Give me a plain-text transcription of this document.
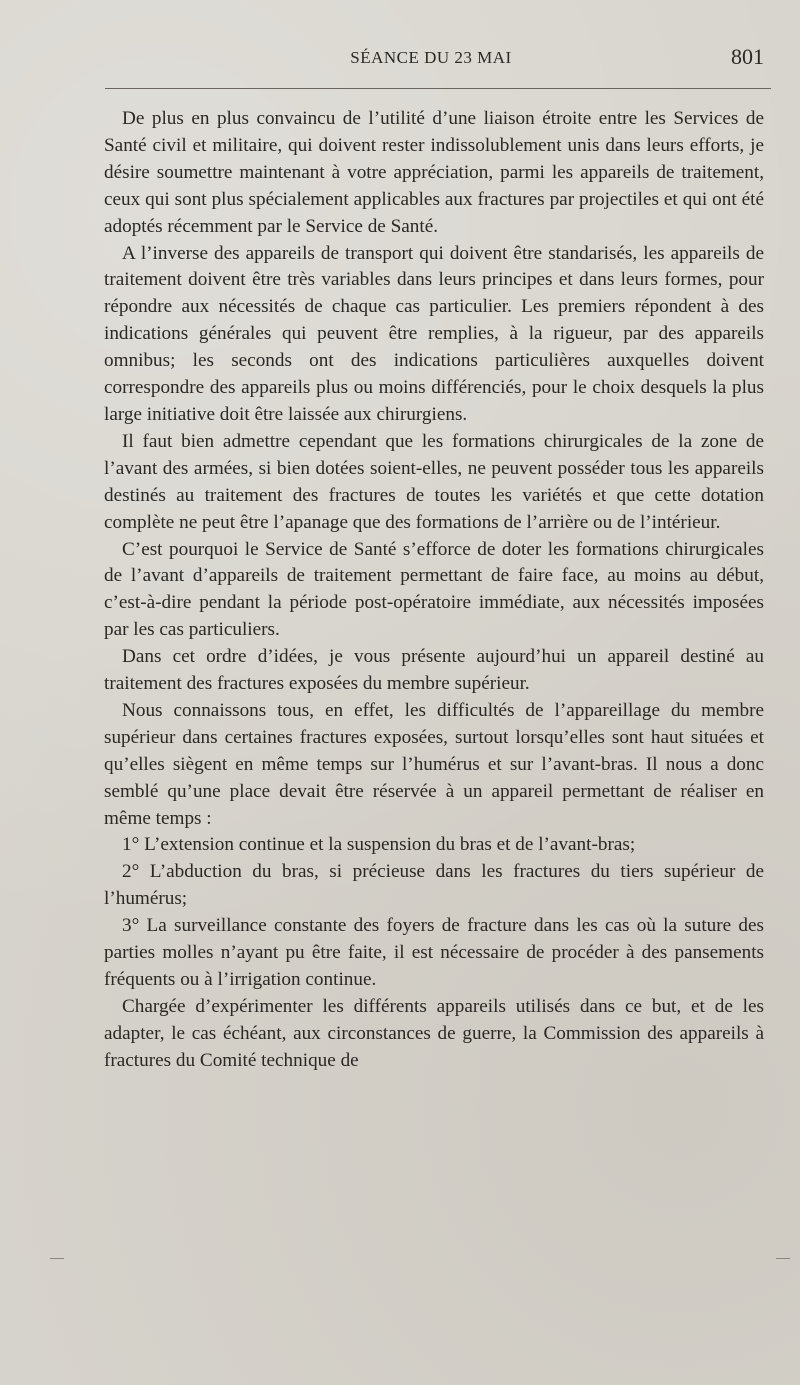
SÉANCE DU 23 MAI	801

De plus en plus convaincu de l’utilité d’une liaison étroite entre les Services de Santé civil et militaire, qui doivent rester indissolublement unis dans leurs efforts, je désire soumettre maintenant à votre appréciation, parmi les appareils de traitement, ceux qui sont plus spécialement applicables aux fractures par projectiles et qui ont été adoptés récemment par le Service de Santé.

A l’inverse des appareils de transport qui doivent être standarisés, les appareils de traitement doivent être très variables dans leurs principes et dans leurs formes, pour répondre aux nécessités de chaque cas particulier. Les premiers répondent à des indications générales qui peuvent être remplies, à la rigueur, par des appareils omnibus; les seconds ont des indications particulières auxquelles doivent correspondre des appareils plus ou moins différenciés, pour le choix desquels la plus large initiative doit être laissée aux chirurgiens.

Il faut bien admettre cependant que les formations chirurgicales de la zone de l’avant des armées, si bien dotées soient-elles, ne peuvent posséder tous les appareils destinés au traitement des fractures de toutes les variétés et que cette dotation complète ne peut être l’apanage que des formations de l’arrière ou de l’intérieur.

C’est pourquoi le Service de Santé s’efforce de doter les formations chirurgicales de l’avant d’appareils de traitement permettant de faire face, au moins au début, c’est-à-dire pendant la période post-opératoire immédiate, aux nécessités imposées par les cas particuliers.

Dans cet ordre d’idées, je vous présente aujourd’hui un appareil destiné au traitement des fractures exposées du membre supérieur.

Nous connaissons tous, en effet, les difficultés de l’appareillage du membre supérieur dans certaines fractures exposées, surtout lorsqu’elles sont haut situées et qu’elles siègent en même temps sur l’humérus et sur l’avant-bras. Il nous a donc semblé qu’une place devait être réservée à un appareil permettant de réaliser en même temps :

1° L’extension continue et la suspension du bras et de l’avant-bras;

2° L’abduction du bras, si précieuse dans les fractures du tiers supérieur de l’humérus;

3° La surveillance constante des foyers de fracture dans les cas où la suture des parties molles n’ayant pu être faite, il est nécessaire de procéder à des pansements fréquents ou à l’irrigation continue.

Chargée d’expérimenter les différents appareils utilisés dans ce but, et de les adapter, le cas échéant, aux circonstances de guerre, la Commission des appareils à fractures du Comité technique de
